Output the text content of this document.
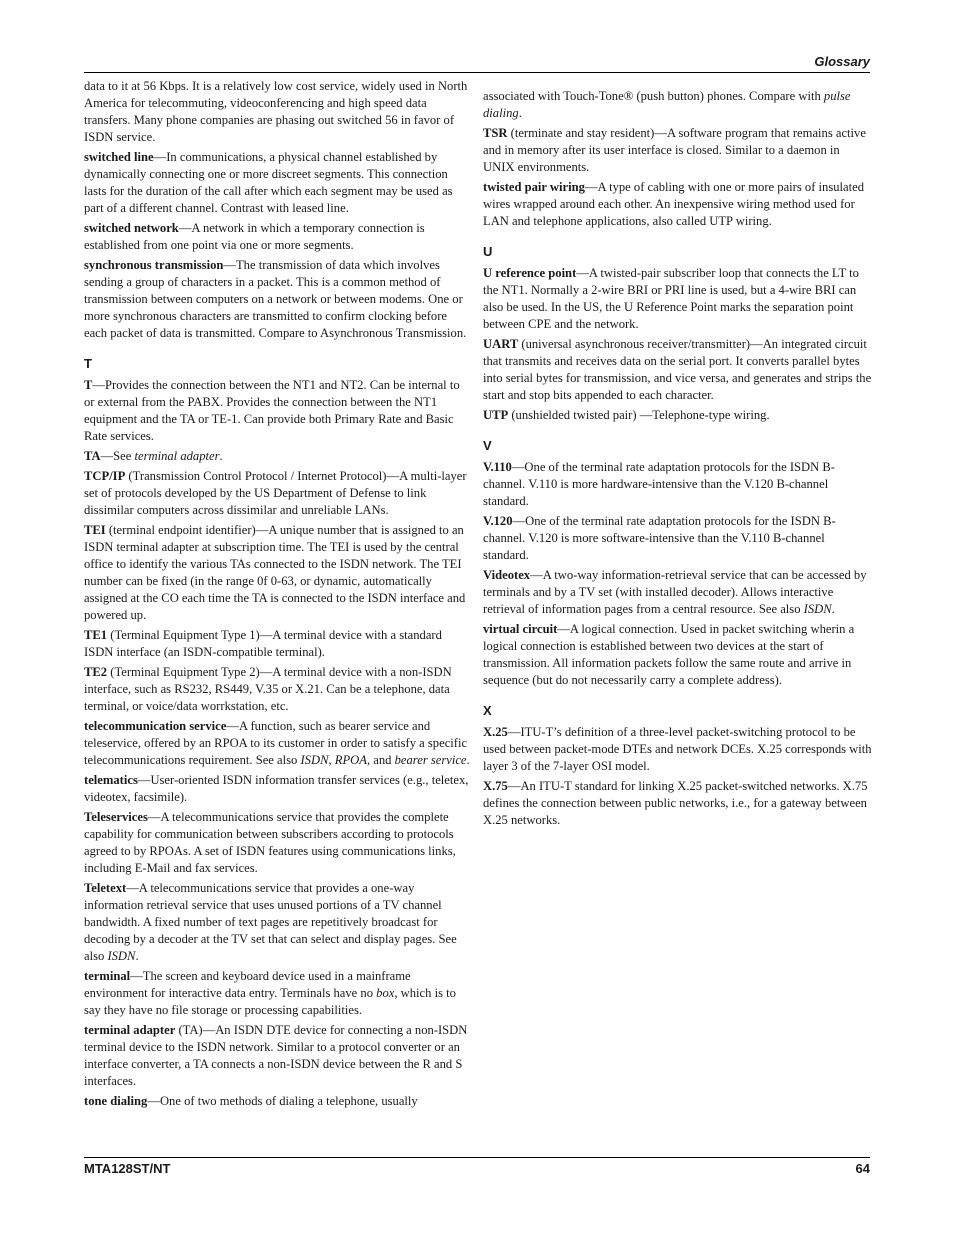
Glossary

data to it at 56 Kbps. It is a relatively low cost service, widely used in North America for telecommuting, videoconferencing and high speed data transfers. Many phone companies are phasing out switched 56 in favor of ISDN service.

switched line—In communications, a physical channel established by dynamically connecting one or more discreet segments. This connection lasts for the duration of the call after which each segment may be used as part of a different channel. Contrast with leased line.

switched network—A network in which a temporary connection is established from one point via one or more segments.

synchronous transmission—The transmission of data which involves sending a group of characters in a packet. This is a common method of transmission between computers on a network or between modems. One or more synchronous characters are transmitted to confirm clocking before each packet of data is transmitted. Compare to Asynchronous Transmission.

T

T—Provides the connection between the NT1 and NT2. Can be internal to or external from the PABX. Provides the connection between the NT1 equipment and the TA or TE-1. Can provide both Primary Rate and Basic Rate services.

TA—See terminal adapter.

TCP/IP (Transmission Control Protocol / Internet Protocol)—A multi-layer set of protocols developed by the US Department of Defense to link dissimilar computers across dissimilar and unreliable LANs.

TEI (terminal endpoint identifier)—A unique number that is assigned to an ISDN terminal adapter at subscription time. The TEI is used by the central office to identify the various TAs connected to the ISDN network. The TEI number can be fixed (in the range 0f 0-63, or dynamic, automatically assigned at the CO each time the TA is connected to the ISDN interface and powered up.

TE1 (Terminal Equipment Type 1)—A terminal device with a standard ISDN interface (an ISDN-compatible terminal).

TE2 (Terminal Equipment Type 2)—A terminal device with a non-ISDN interface, such as RS232, RS449, V.35 or X.21. Can be a telephone, data terminal, or voice/data worrkstation, etc.

telecommunication service—A function, such as bearer service and teleservice, offered by an RPOA to its customer in order to satisfy a specific telecommunications requirement. See also ISDN, RPOA, and bearer service.

telematics—User-oriented ISDN information transfer services (e.g., teletex, videotex, facsimile).

Teleservices—A telecommunications service that provides the complete capability for communication between subscribers according to protocols agreed to by RPOAs. A set of ISDN features using communications links, including E-Mail and fax services.

Teletext—A telecommunications service that provides a one-way information retrieval service that uses unused portions of a TV channel bandwidth. A fixed number of text pages are repetitively broadcast for decoding by a decoder at the TV set that can select and display pages. See also ISDN.

terminal—The screen and keyboard device used in a mainframe environment for interactive data entry. Terminals have no box, which is to say they have no file storage or processing capabilities.

terminal adapter (TA)—An ISDN DTE device for connecting a non-ISDN terminal device to the ISDN network. Similar to a protocol converter or an interface converter, a TA connects a non-ISDN device between the R and S interfaces.

tone dialing—One of two methods of dialing a telephone, usually

associated with Touch-Tone® (push button) phones. Compare with pulse dialing.

TSR (terminate and stay resident)—A software program that remains active and in memory after its user interface is closed. Similar to a daemon in UNIX environments.

twisted pair wiring—A type of cabling with one or more pairs of insulated wires wrapped around each other. An inexpensive wiring method used for LAN and telephone applications, also called UTP wiring.

U

U reference point—A twisted-pair subscriber loop that connects the LT to the NT1. Normally a 2-wire BRI or PRI line is used, but a 4-wire BRI can also be used. In the US, the U Reference Point marks the separation point between CPE and the network.

UART (universal asynchronous receiver/transmitter)—An integrated circuit that transmits and receives data on the serial port. It converts parallel bytes into serial bytes for transmission, and vice versa, and generates and strips the start and stop bits appended to each character.

UTP (unshielded twisted pair) —Telephone-type wiring.

V

V.110—One of the terminal rate adaptation protocols for the ISDN B-channel. V.110 is more hardware-intensive than the V.120 B-channel standard.

V.120—One of the terminal rate adaptation protocols for the ISDN B-channel. V.120 is more software-intensive than the V.110 B-channel standard.

Videotex—A two-way information-retrieval service that can be accessed by terminals and by a TV set (with installed decoder). Allows interactive retrieval of information pages from a central resource. See also ISDN.

virtual circuit—A logical connection. Used in packet switching wherin a logical connection is established between two devices at the start of transmission. All information packets follow the same route and arrive in sequence (but do not necessarily carry a complete address).

X

X.25—ITU-T’s definition of a three-level packet-switching protocol to be used between packet-mode DTEs and network DCEs. X.25 corresponds with layer 3 of the 7-layer OSI model.

X.75—An ITU-T standard for linking X.25 packet-switched networks. X.75 defines the connection between public networks, i.e., for a gateway between X.25 networks.

MTA128ST/NT	64
